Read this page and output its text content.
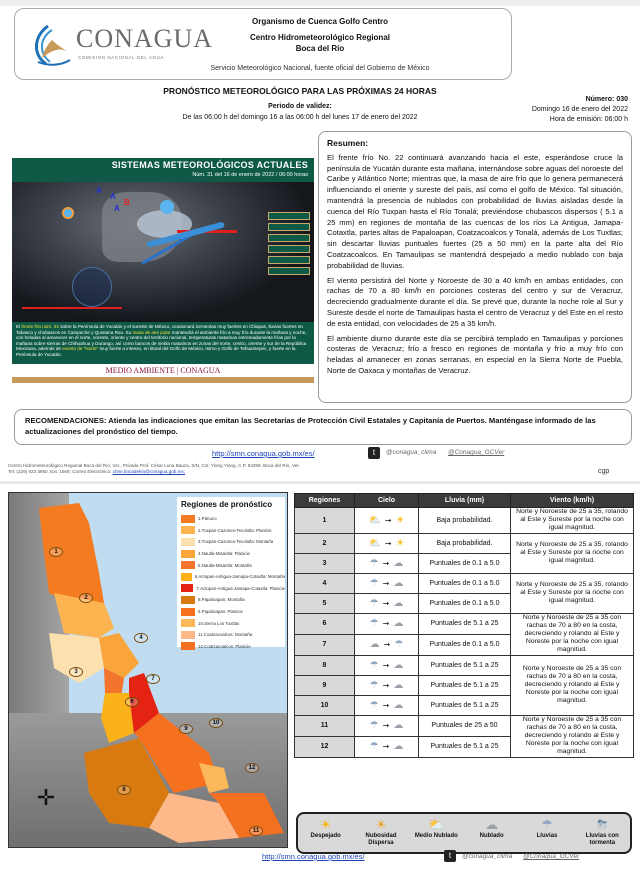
CONAGUA
COMISIÓN NACIONAL DEL AGUA
Organismo de Cuenca Golfo Centro
Centro Hidrometeorológico Regional
Boca del Río
Servicio Meteorológico Nacional, fuente oficial del Gobierno de México
PRONÓSTICO METEOROLÓGICO PARA LAS PRÓXIMAS 24 HORAS
Periodo de validez:
De las 06:00 h del domingo 16 a las 06:00 h del lunes 17 de enero del 2022
Número: 030
Domingo 16 de enero del 2022
Hora de emisión: 06:00 h
SISTEMAS METEOROLÓGICOS ACTUALES
Núm. 31 del 16 de enero de 2022 / 06:00 horas
A
A
A
B
El frente frío núm. 22 sobre la Península de Yucatán y el sureste de México, ocasionará tormentas muy fuertes en Chiapas, lluvias fuertes en Tabasco y chubascos en Campeche y Quintana Roo. Su masa de aire polar mantendrá el ambiente frío a muy frío durante la mañana y noche, con heladas al amanecer en el norte, noreste, oriente y centro del territorio nacional, temperaturas matutinas extremadamente frías por la mañana sobre sierras de Chihuahua y Durango, así como bancos de niebla matutinos en zonas del norte, centro, oriente y sur de la República Mexicana, además de evento de "Norte" muy fuerte a intenso, en litoral del Golfo de México, Istmo y Golfo de Tehuantepec, y fuerte en la Península de Yucatán.
MEDIO AMBIENTE | CONAGUA
Resumen:

El frente frío No. 22 continuará avanzando hacia el este, esperándose cruce la península de Yucatán durante esta mañana, internándose sobre aguas del noroeste del Caribe y Atlántico Norte; mientras que, la masa de aire frío que lo genera permanecerá influenciando el oriente y sureste del país, así como el golfo de México. Tal situación, mantendrá la presencia de nublados con probabilidad de lluvias aisladas desde la cuenca del Río Tuxpan hasta el Río Tonalá; previéndose chubascos dispersos ( 5.1 a 25 mm) en regiones de montaña de las cuencas de los ríos La Antigua, Jamapa-Cotaxtla, partes altas de Papaloapan, Coatzacoalcos y Tonalá, además de Los Tuxtlas; sin descartar lluvias puntuales fuertes (25 a 50 mm) en la parte alta del Río Coatzacoalcos. En Tamaulipas se mantendrá despejado a medio nublado con baja probabilidad de lluvias.

El viento persistirá del Norte y Noroeste de 30 a 40 km/h en ambas entidades, con rachas de 70 a 80 km/h en porciones costeras del centro y sur de Veracruz, decreciendo gradualmente durante el día. Se prevé que, durante la noche role al Sur y Sureste desde el norte de Tamaulipas hasta el centro de Veracruz y del Este en el resto de esta entidad, con velocidades de 25 a 35 km/h.

El ambiente diurno durante este día se percibirá templado en Tamaulipas y porciones costeras de Veracruz; frío a fresco en regiones de montaña y frío a muy frío con heladas al amanecer en zonas serranas, en especial en la Sierra Norte de Puebla, Norte de Oaxaca y montañas de Veracruz.

RECOMENDACIONES: Atienda las indicaciones que emitan las Secretarías de Protección Civil Estatales y Capitanía de Puertos. Manténgase informado de las actualizaciones del pronóstico del tiempo.
http://smn.conagua.gob.mx/es/	t	@conagua_clima @Conagua_GCVer
Centro Hidrometeorológico Regional Boca del Río, Ver., Privada Prof. César Luna Bauza, S/N, Col. Ylang Ylang, C.P. 94298, Boca del Río, Ver.
Tel: (229) 923 3950, Ext. 1568; Correo Electrónico: chmr.bocadelrio@conagua.gob.mx;	cgp
1
2
3
4
6
7
8
9
10
11
12
✛
Regiones de pronóstico
1.Pánuco
2.Tuxpan-Cazones-Tecolutla: Planicie
3.Tuxpan-Cazones-Tecolutla: Montaña
4.Nautla-Misantla: Planicie
5.Nautla-Misantla: Montaña
6.Actopan-Antigua-Jamapa-Cotaxtla: Montaña
7.Actopan-Antigua-Jamapa-Cotaxtla: Planicie
8.Papaloapan: Montaña
9.Papaloapan: Planicie
10.Sierra Los Tuxtlas
11.Coatzacoalcos: Montaña
12.Coatzacoalcos: Planicie
Regiones	Cielo	Lluvia (mm)	Viento (km/h)
1	⛅ ➞ ☀	Baja probabilidad.	Norte y Noroeste de 25 a 35, rolando al Este y Sureste por la noche con igual magnitud.
2	⛅ ➞ ☀	Baja probabilidad.	Norte y Noroeste de 25 a 35, rolando al Este y Sureste por la noche con igual magnitud.
3	☂ ➞ ☁	Puntuales de 0.1 a 5.0	
4	☂ ➞ ☁	Puntuales de 0.1 a 5.0	Norte y Noroeste de 25 a 35, rolando al Este y Sureste por la noche con igual magnitud.
5	☂ ➞ ☁	Puntuales de 0.1 a 5.0	
6	☂ ➞ ☁	Puntuales de 5.1 a 25	Norte y Noroeste de 25 a 35 con rachas de 70 a 80 en la costa, decreciendo y rolando al Este y Noreste por la noche con igual magnitud.
7	☁ ➞ ☂	Puntuales de 0.1 a 5.0	
8	☂ ➞ ☁	Puntuales de 5.1 a 25	Norte y Noroeste de 25 a 35 con rachas de 70 a 80 en la costa, decreciendo y rolando al Este y Noreste por la noche con igual magnitud.
9	☂ ➞ ☁	Puntuales de 5.1 a 25	
10	☂ ➞ ☁	Puntuales de 5.1 a 25	
11	☂ ➞ ☁	Puntuales de 25 a 50	Norte y Noroeste de 25 a 35 con rachas de 70 a 80 en la costa, decreciendo y rolando al Este y Noreste por la noche con igual magnitud.
12	☂ ➞ ☁	Puntuales de 5.1 a 25	
☀
Despejado
☀
Nubosidad Dispersa
⛅
Medio Nublado
☁
Nublado
☂
Lluvias
⛈
Lluvias con tormenta
http://smn.conagua.gob.mx/es/	t	@conagua_clima @Conagua_GCVer
